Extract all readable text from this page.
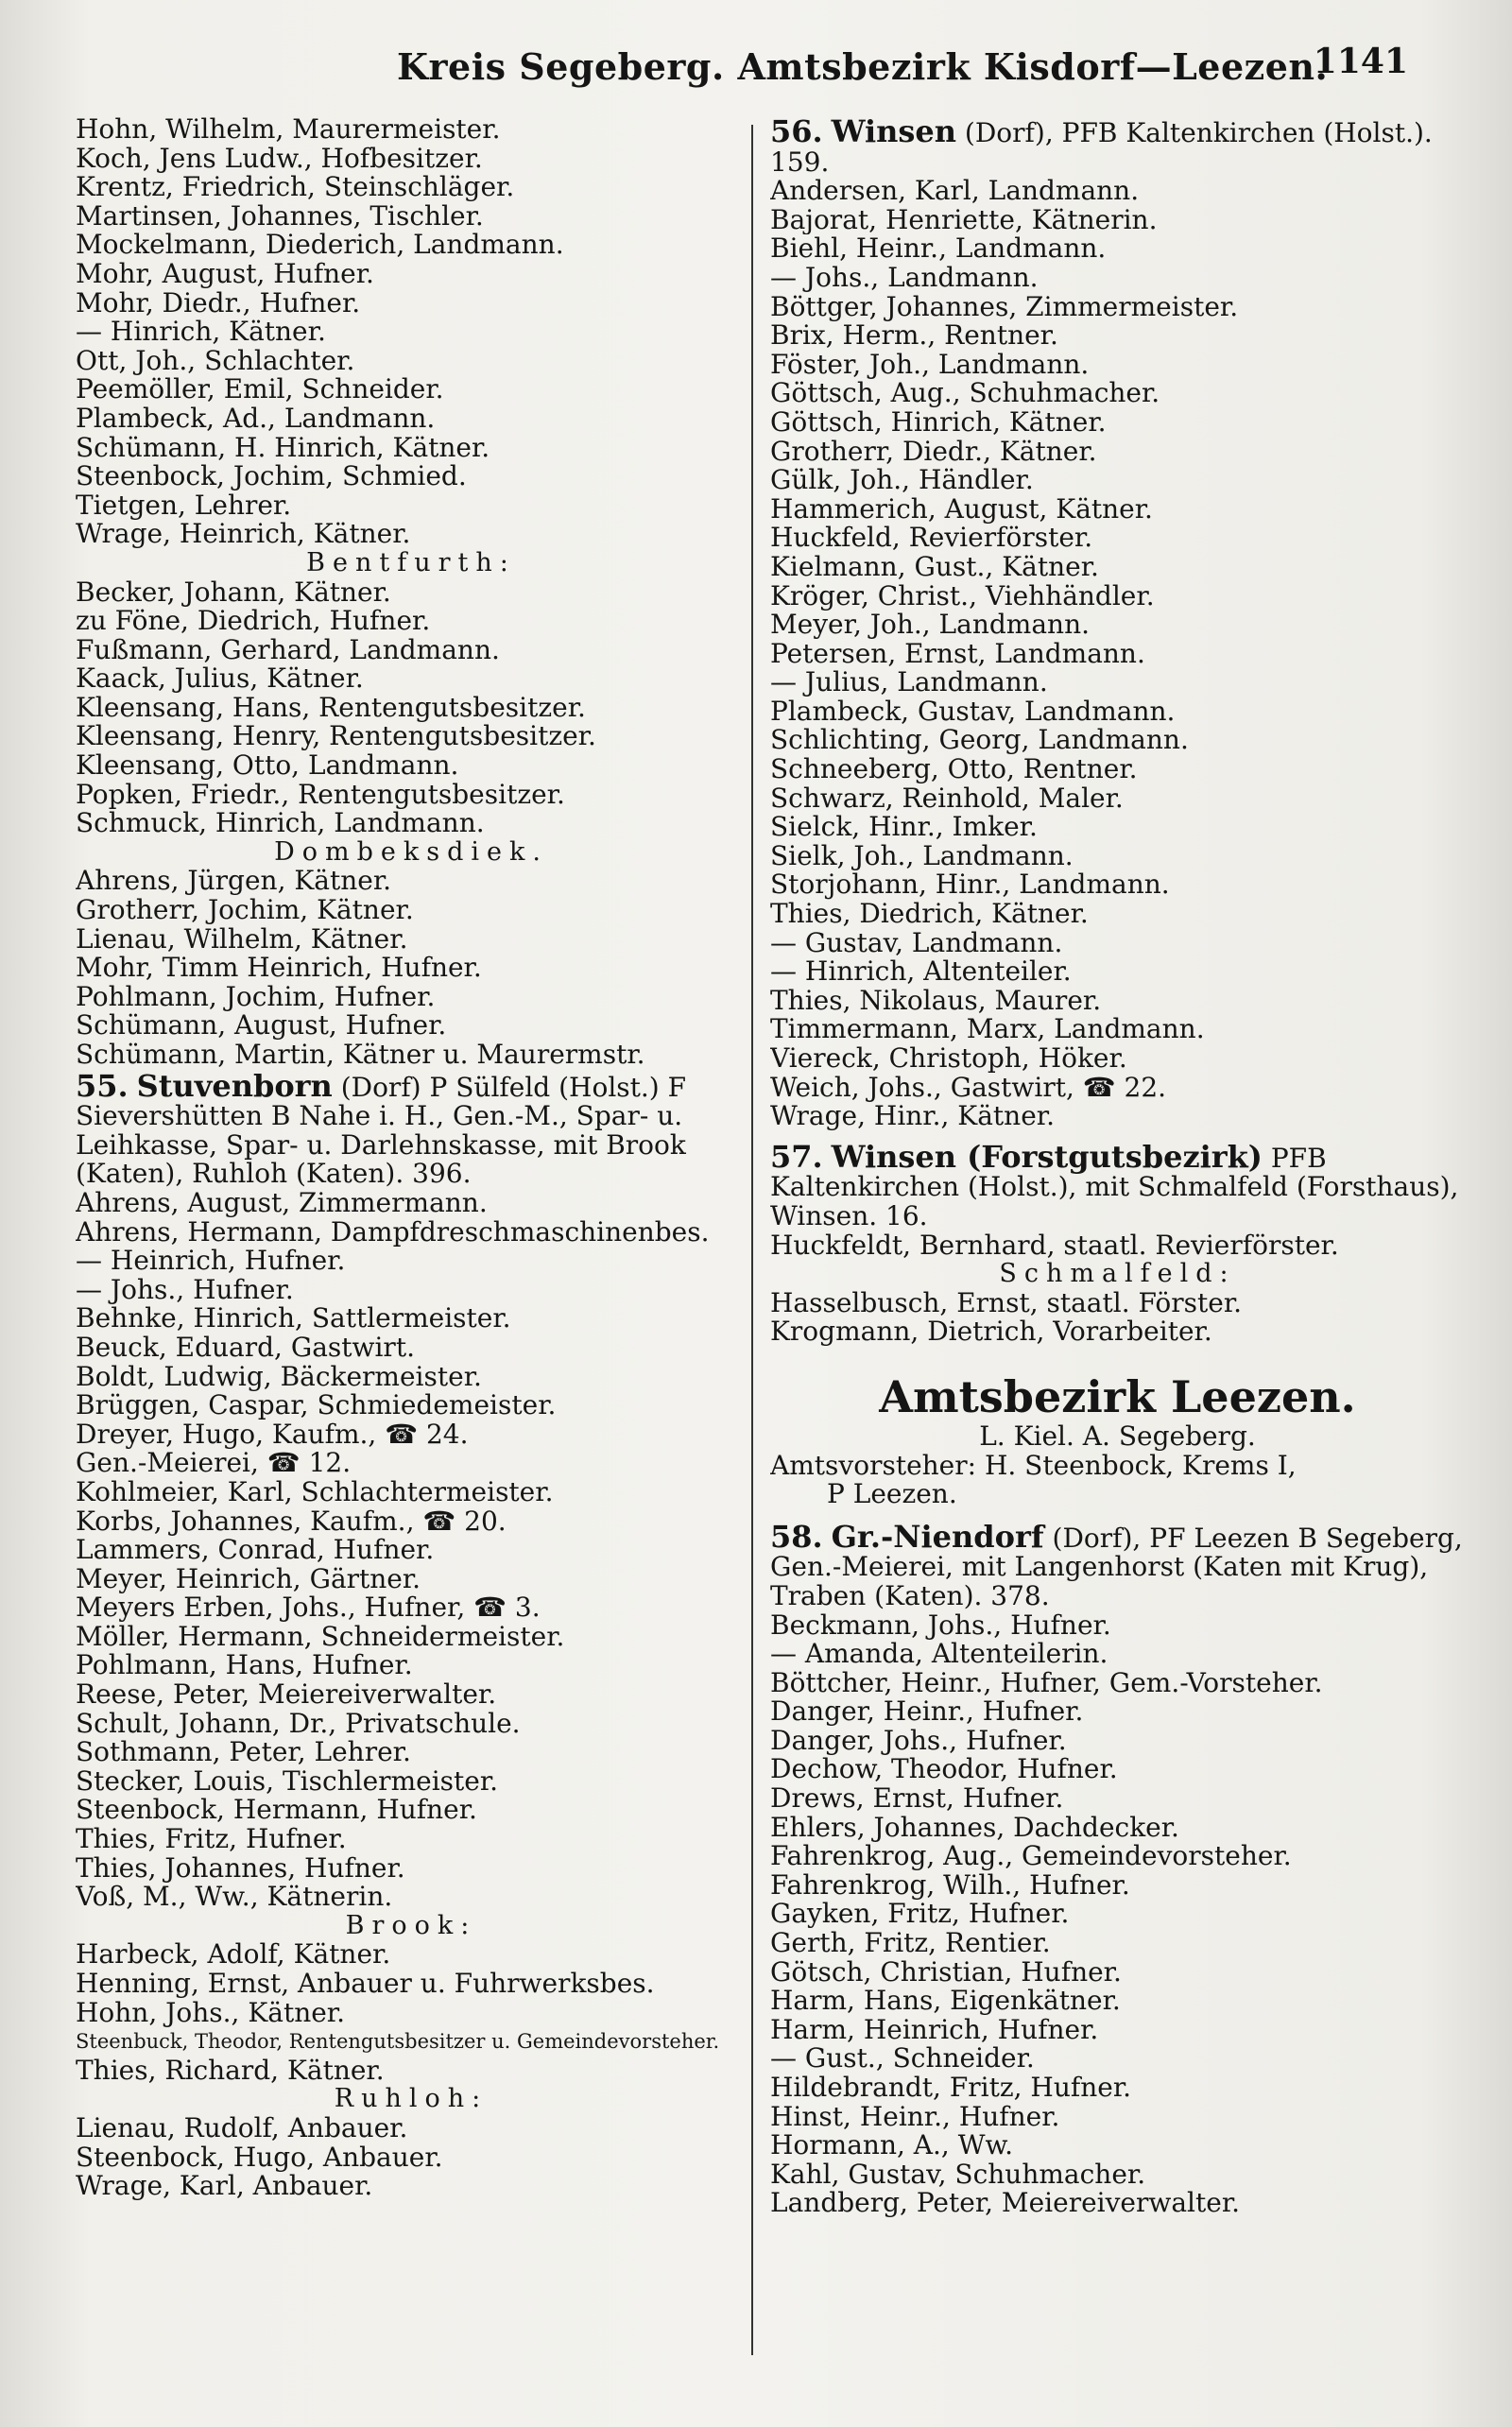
Kreis Segeberg. Amtsbezirk Kisdorf—Leezen.
1141
Hohn, Wilhelm, Maurermeister.
Koch, Jens Ludw., Hofbesitzer.
Krentz, Friedrich, Steinschläger.
Martinsen, Johannes, Tischler.
Mockelmann, Diederich, Landmann.
Mohr, August, Hufner.
Mohr, Diedr., Hufner.
— Hinrich, Kätner.
Ott, Joh., Schlachter.
Peemöller, Emil, Schneider.
Plambeck, Ad., Landmann.
Schümann, H. Hinrich, Kätner.
Steenbock, Jochim, Schmied.
Tietgen, Lehrer.
Wrage, Heinrich, Kätner.
Bentfurth:
Becker, Johann, Kätner.
zu Föne, Diedrich, Hufner.
Fußmann, Gerhard, Landmann.
Kaack, Julius, Kätner.
Kleensang, Hans, Rentengutsbesitzer.
Kleensang, Henry, Rentengutsbesitzer.
Kleensang, Otto, Landmann.
Popken, Friedr., Rentengutsbesitzer.
Schmuck, Hinrich, Landmann.
Dombeksdiek.
Ahrens, Jürgen, Kätner.
Grotherr, Jochim, Kätner.
Lienau, Wilhelm, Kätner.
Mohr, Timm Heinrich, Hufner.
Pohlmann, Jochim, Hufner.
Schümann, August, Hufner.
Schümann, Martin, Kätner u. Maurermstr.
55. Stuvenborn (Dorf) P Sülfeld (Holst.) F Sievershütten B Nahe i. H., Gen.-M., Spar- u. Leihkasse, Spar- u. Darlehnskasse, mit Brook (Katen), Ruhloh (Katen). 396.
Ahrens, August, Zimmermann.
Ahrens, Hermann, Dampfdreschmaschinenbes.
— Heinrich, Hufner.
— Johs., Hufner.
Behnke, Hinrich, Sattlermeister.
Beuck, Eduard, Gastwirt.
Boldt, Ludwig, Bäckermeister.
Brüggen, Caspar, Schmiedemeister.
Dreyer, Hugo, Kaufm., ☎ 24.
Gen.-Meierei, ☎ 12.
Kohlmeier, Karl, Schlachtermeister.
Korbs, Johannes, Kaufm., ☎ 20.
Lammers, Conrad, Hufner.
Meyer, Heinrich, Gärtner.
Meyers Erben, Johs., Hufner, ☎ 3.
Möller, Hermann, Schneidermeister.
Pohlmann, Hans, Hufner.
Reese, Peter, Meiereiverwalter.
Schult, Johann, Dr., Privatschule.
Sothmann, Peter, Lehrer.
Stecker, Louis, Tischlermeister.
Steenbock, Hermann, Hufner.
Thies, Fritz, Hufner.
Thies, Johannes, Hufner.
Voß, M., Ww., Kätnerin.
Brook:
Harbeck, Adolf, Kätner.
Henning, Ernst, Anbauer u. Fuhrwerksbes.
Hohn, Johs., Kätner.
Steenbuck, Theodor, Rentengutsbesitzer u. Gemeindevorsteher.
Thies, Richard, Kätner.
Ruhloh:
Lienau, Rudolf, Anbauer.
Steenbock, Hugo, Anbauer.
Wrage, Karl, Anbauer.
56. Winsen (Dorf), PFB Kaltenkirchen (Holst.). 159.
Andersen, Karl, Landmann.
Bajorat, Henriette, Kätnerin.
Biehl, Heinr., Landmann.
— Johs., Landmann.
Böttger, Johannes, Zimmermeister.
Brix, Herm., Rentner.
Föster, Joh., Landmann.
Göttsch, Aug., Schuhmacher.
Göttsch, Hinrich, Kätner.
Grotherr, Diedr., Kätner.
Gülk, Joh., Händler.
Hammerich, August, Kätner.
Huckfeld, Revierförster.
Kielmann, Gust., Kätner.
Kröger, Christ., Viehhändler.
Meyer, Joh., Landmann.
Petersen, Ernst, Landmann.
— Julius, Landmann.
Plambeck, Gustav, Landmann.
Schlichting, Georg, Landmann.
Schneeberg, Otto, Rentner.
Schwarz, Reinhold, Maler.
Sielck, Hinr., Imker.
Sielk, Joh., Landmann.
Storjohann, Hinr., Landmann.
Thies, Diedrich, Kätner.
— Gustav, Landmann.
— Hinrich, Altenteiler.
Thies, Nikolaus, Maurer.
Timmermann, Marx, Landmann.
Viereck, Christoph, Höker.
Weich, Johs., Gastwirt, ☎ 22.
Wrage, Hinr., Kätner.
57. Winsen (Forstgutsbezirk) PFB Kaltenkirchen (Holst.), mit Schmalfeld (Forsthaus), Winsen. 16.
Huckfeldt, Bernhard, staatl. Revierförster.
Schmalfeld:
Hasselbusch, Ernst, staatl. Förster.
Krogmann, Dietrich, Vorarbeiter.
Amtsbezirk Leezen.
L. Kiel. A. Segeberg.
Amtsvorsteher: H. Steenbock, Krems I,
P Leezen.
58. Gr.-Niendorf (Dorf), PF Leezen B Segeberg, Gen.-Meierei, mit Langenhorst (Katen mit Krug), Traben (Katen). 378.
Beckmann, Johs., Hufner.
— Amanda, Altenteilerin.
Böttcher, Heinr., Hufner, Gem.-Vorsteher.
Danger, Heinr., Hufner.
Danger, Johs., Hufner.
Dechow, Theodor, Hufner.
Drews, Ernst, Hufner.
Ehlers, Johannes, Dachdecker.
Fahrenkrog, Aug., Gemeindevorsteher.
Fahrenkrog, Wilh., Hufner.
Gayken, Fritz, Hufner.
Gerth, Fritz, Rentier.
Götsch, Christian, Hufner.
Harm, Hans, Eigenkätner.
Harm, Heinrich, Hufner.
— Gust., Schneider.
Hildebrandt, Fritz, Hufner.
Hinst, Heinr., Hufner.
Hormann, A., Ww.
Kahl, Gustav, Schuhmacher.
Landberg, Peter, Meiereiverwalter.
